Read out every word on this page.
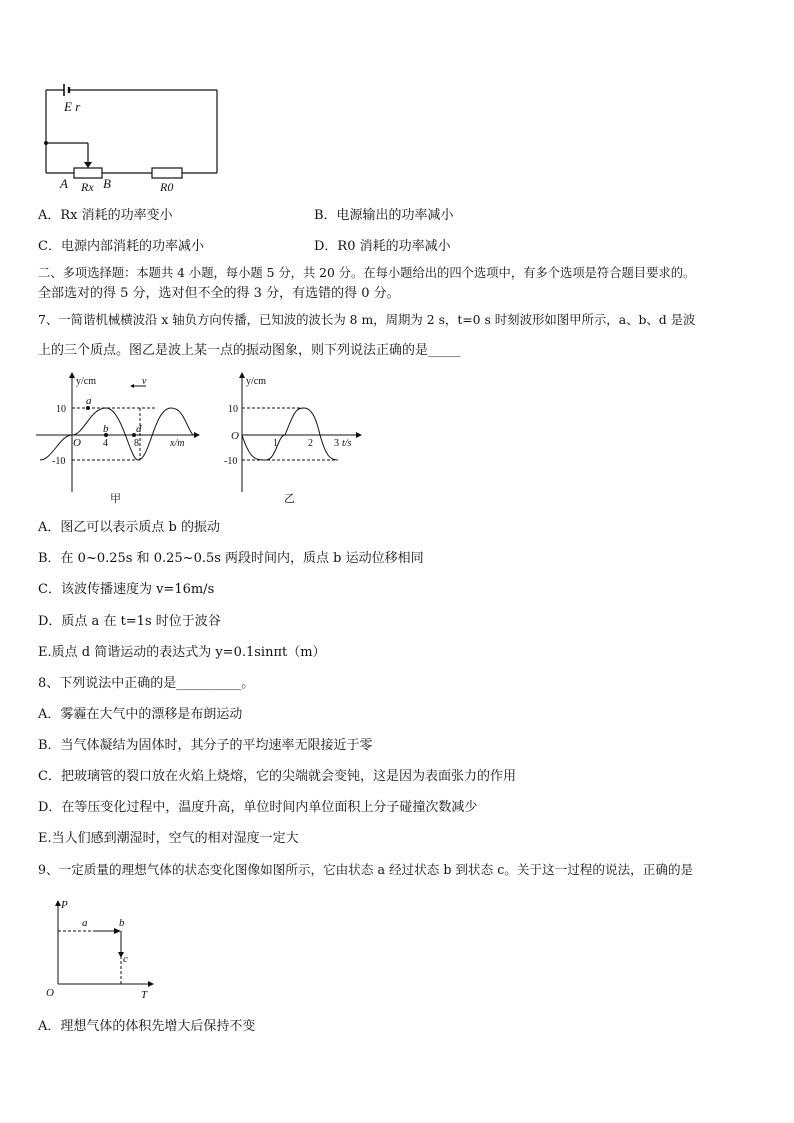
E r
A Rx B	R0
A．Rx 消耗的功率变小	B．电源输出的功率减小
C．电源内部消耗的功率减小	D．R0 消耗的功率减小
二、多项选择题：本题共 4 小题，每小题 5 分，共 20 分。在每小题给出的四个选项中，有多个选项是符合题目要求的。
全部选对的得 5 分，选对但不全的得 3 分，有选错的得 0 分。
7、一简谐机械横波沿 x 轴负方向传播，已知波的波长为 8 m，周期为 2 s，t=0 s 时刻波形如图甲所示，a、b、d 是波
上的三个质点。图乙是波上某一点的振动图象，则下列说法正确的是_____
y/cm	v
10
-10
O 4	8	x/m
a
b	d
甲
y/cm
10
-10
O
1	2 3 t/s
乙
A．图乙可以表示质点 b 的振动
B．在 0~0.25s 和 0.25~0.5s 两段时间内，质点 b 运动位移相同
C．该波传播速度为 v=16m/s
D．质点 a 在 t=1s 时位于波谷
E.质点 d 简谐运动的表达式为 y=0.1sinπt（m）
8、下列说法中正确的是__________。
A．雾霾在大气中的漂移是布朗运动
B．当气体凝结为固体时，其分子的平均速率无限接近于零
C．把玻璃管的裂口放在火焰上烧熔，它的尖端就会变钝，这是因为表面张力的作用
D．在等压变化过程中，温度升高，单位时间内单位面积上分子碰撞次数减少
E.当人们感到潮湿时，空气的相对湿度一定大
9、一定质量的理想气体的状态变化图像如图所示，它由状态 a 经过状态 b 到状态 c。关于这一过程的说法，正确的是
P
T
O
a	b
c
A．理想气体的体积先增大后保持不变
